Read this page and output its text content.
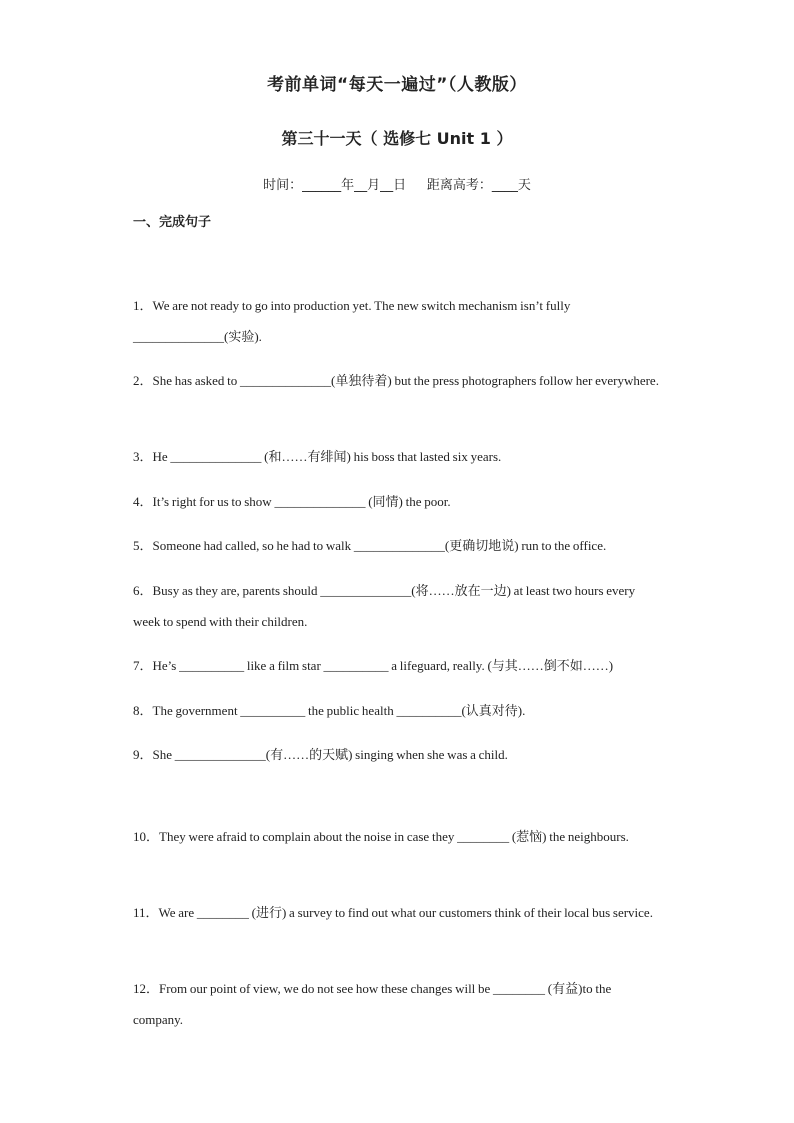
考前单词“每天一遍过”（人教版）
第三十一天（ 选修七 Unit 1 ）
时间：______年__月__日     距离高考：____天
一、完成句子
1．We are not ready to go into production yet. The new switch mechanism isn’t fully ______________(实验).
2．She has asked to ______________(单独待着) but the press photographers follow her everywhere.
3．He ______________ (和……有绯闻) his boss that lasted six years.
4．It’s right for us to show ______________ (同情) the poor.
5．Someone had called, so he had to walk ______________(更确切地说) run to the office.
6．Busy as they are, parents should ______________(将……放在一边) at least two hours every week to spend with their children.
7．He’s __________ like a film star __________ a lifeguard, really. (与其……倒不如……)
8．The government __________ the public health __________(认真对待).
9．She ______________(有……的天赋) singing when she was a child.
10．They were afraid to complain about the noise in case they ________ (惹恼) the neighbours.
11．We are ________ (进行) a survey to find out what our customers think of their local bus service.
12．From our point of view, we do not see how these changes will be ________ (有益)to the company.
